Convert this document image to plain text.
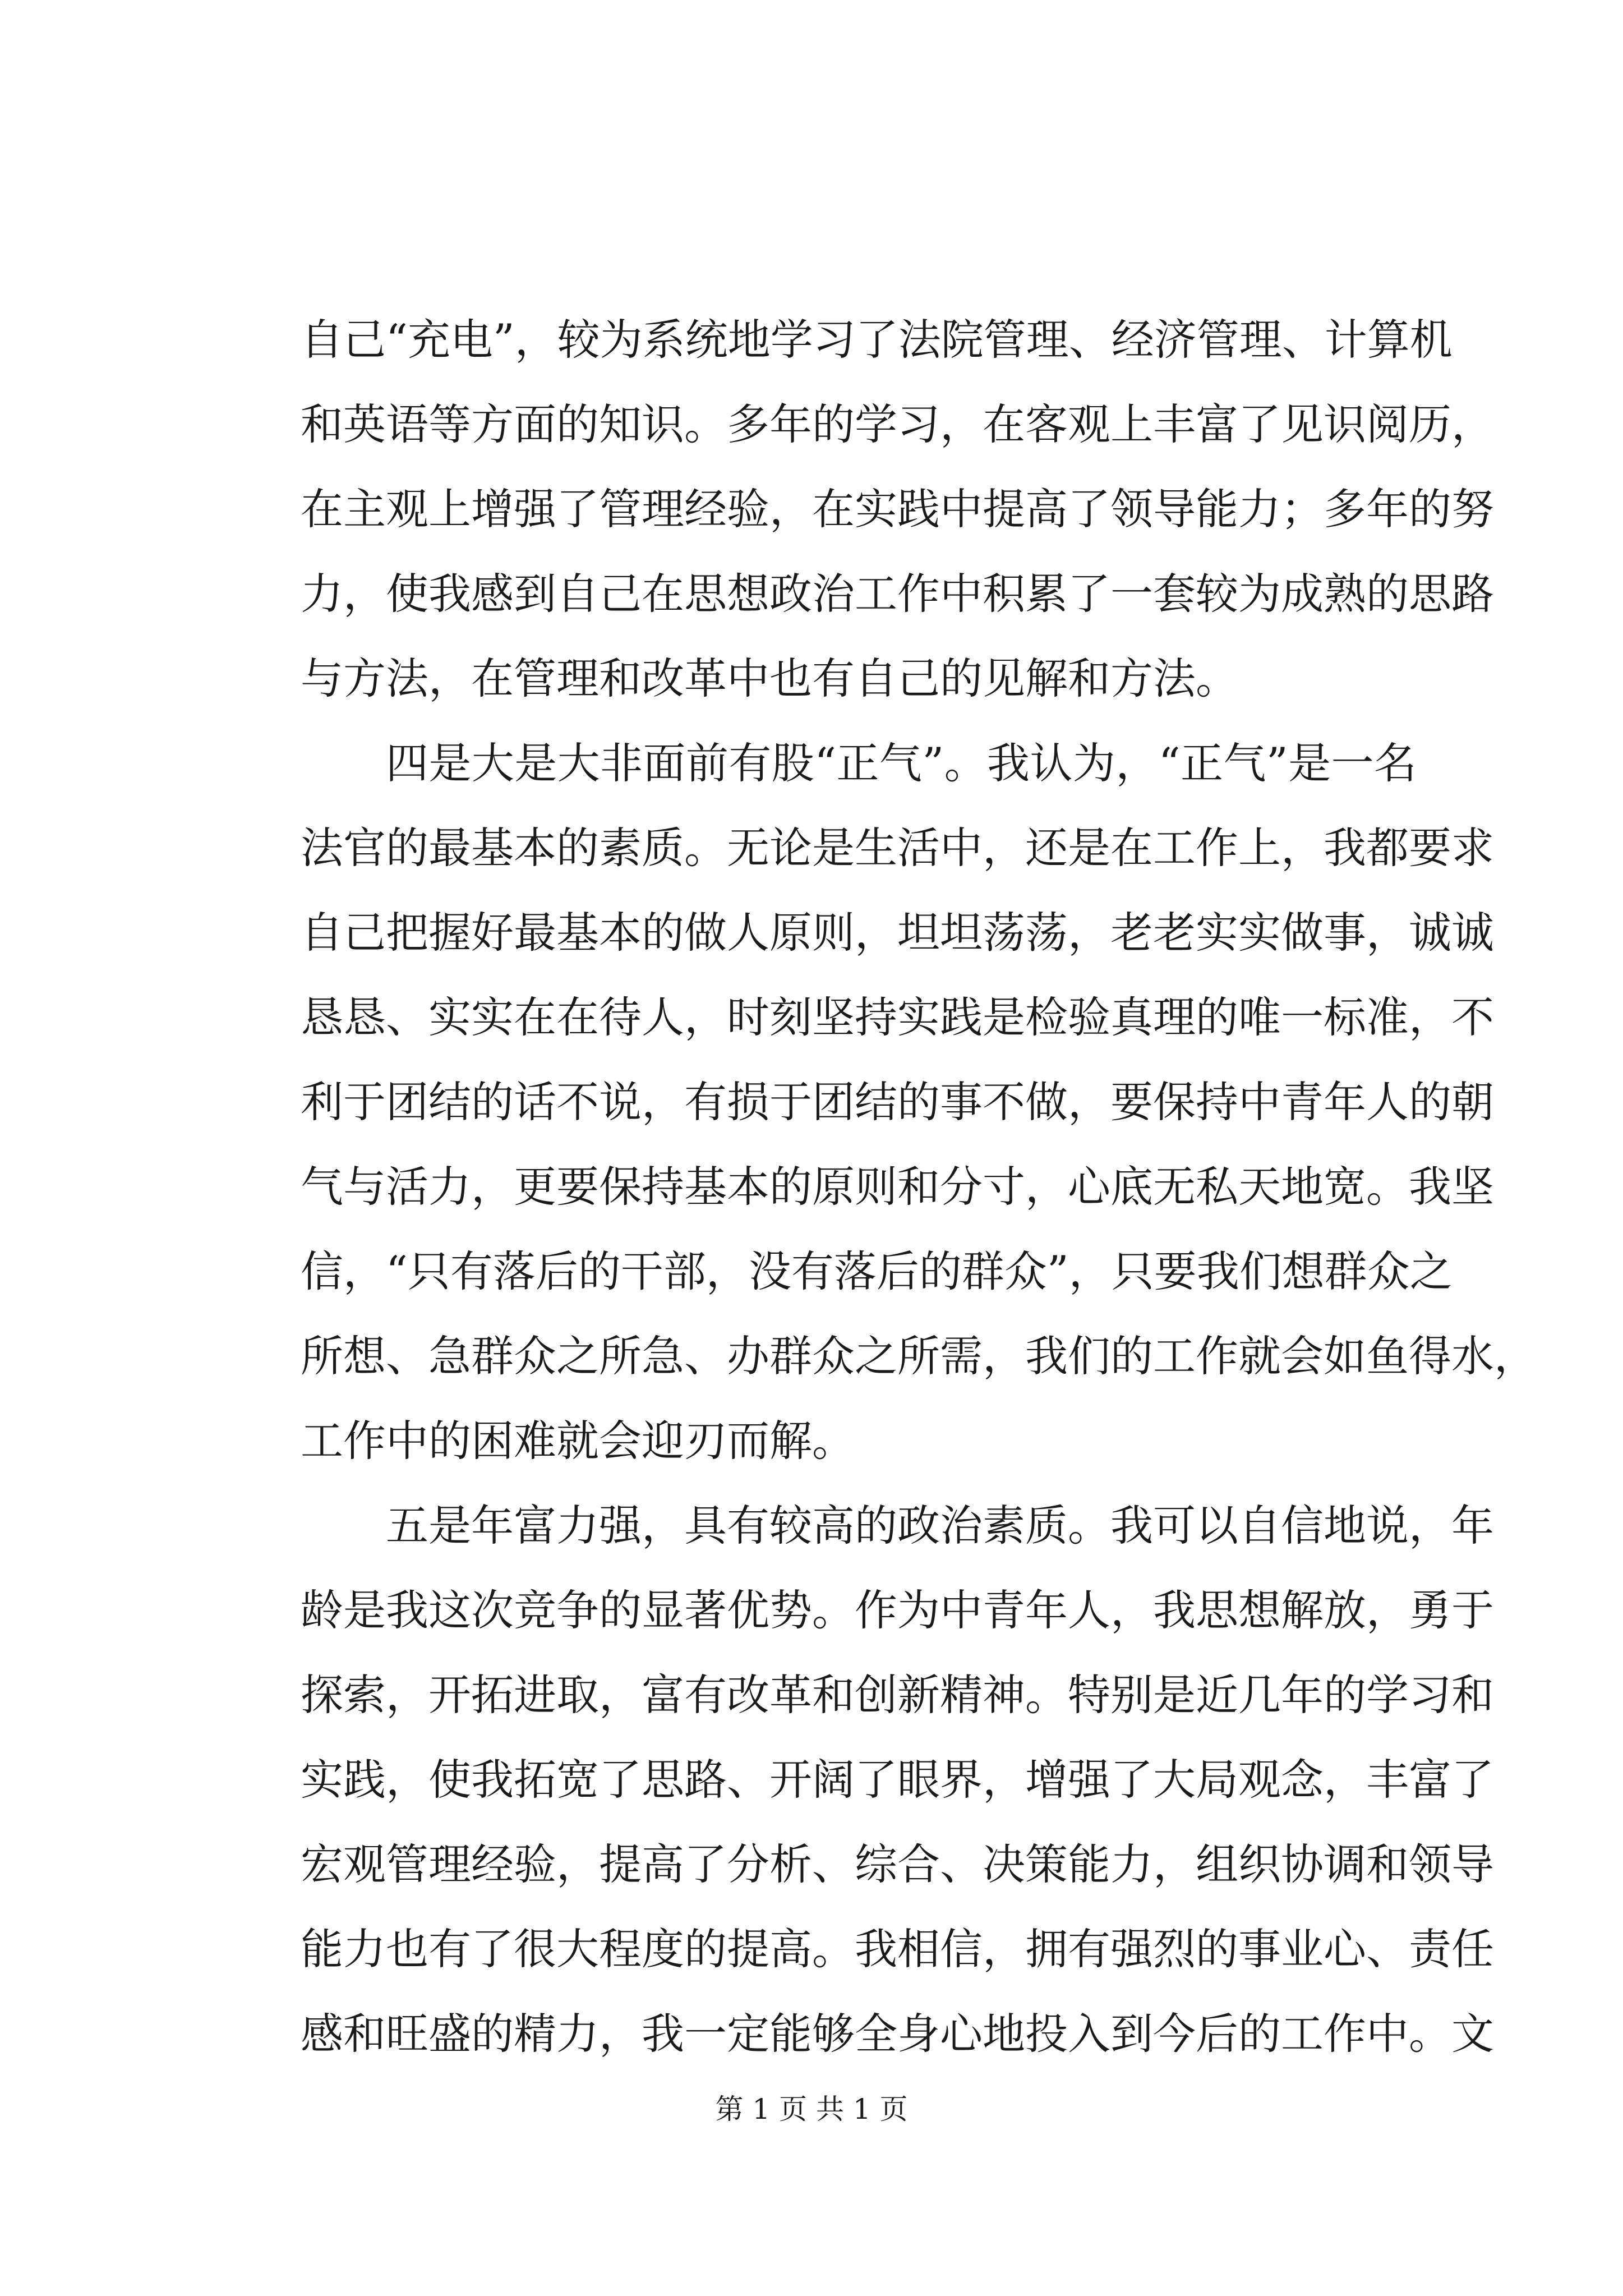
自己“充电”，较为系统地学习了法院管理、经济管理、计算机
和英语等方面的知识。多年的学习，在客观上丰富了见识阅历，
在主观上增强了管理经验，在实践中提高了领导能力；多年的努
力，使我感到自己在思想政治工作中积累了一套较为成熟的思路
与方法，在管理和改革中也有自己的见解和方法。
四是大是大非面前有股“正气”。我认为，“正气”是一名
法官的最基本的素质。无论是生活中，还是在工作上，我都要求
自己把握好最基本的做人原则，坦坦荡荡，老老实实做事，诚诚
恳恳、实实在在待人，时刻坚持实践是检验真理的唯一标准，不
利于团结的话不说，有损于团结的事不做，要保持中青年人的朝
气与活力，更要保持基本的原则和分寸，心底无私天地宽。我坚
信，“只有落后的干部，没有落后的群众”，只要我们想群众之
所想、急群众之所急、办群众之所需，我们的工作就会如鱼得水，
工作中的困难就会迎刃而解。
五是年富力强，具有较高的政治素质。我可以自信地说，年
龄是我这次竞争的显著优势。作为中青年人，我思想解放，勇于
探索，开拓进取，富有改革和创新精神。特别是近几年的学习和
实践，使我拓宽了思路、开阔了眼界，增强了大局观念，丰富了
宏观管理经验，提高了分析、综合、决策能力，组织协调和领导
能力也有了很大程度的提高。我相信，拥有强烈的事业心、责任
感和旺盛的精力，我一定能够全身心地投入到今后的工作中。文
第 1 页 共 1 页
